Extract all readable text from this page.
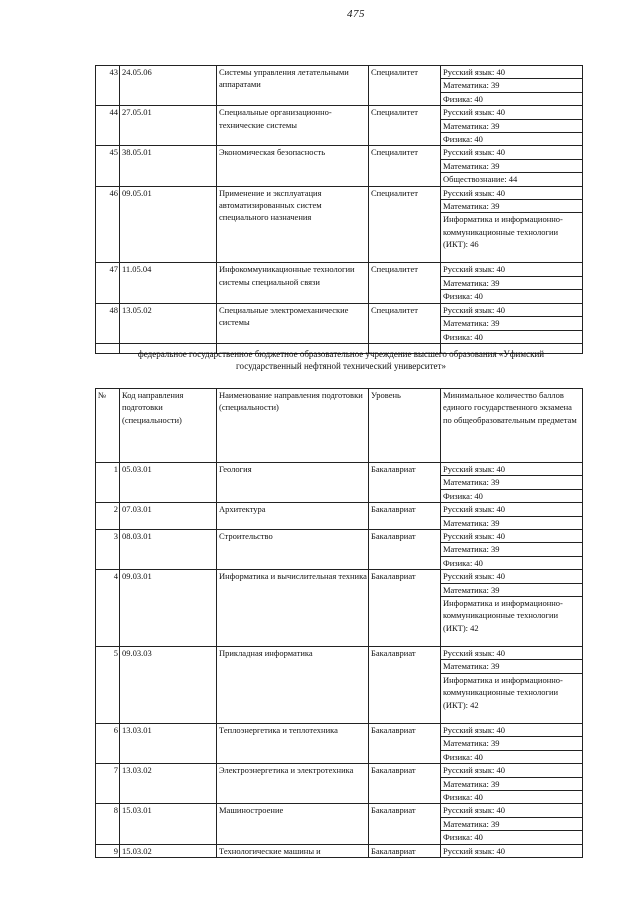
475
43	24.05.06	Системы управления летательными аппаратами	Специалитет	Русский язык: 40
				Математика: 39
				Физика: 40
44	27.05.01	Специальные организационно-технические системы	Специалитет	Русский язык: 40
				Математика: 39
				Физика: 40
45	38.05.01	Экономическая безопасность	Специалитет	Русский язык: 40
				Математика: 39
				Обществознание: 44
46	09.05.01	Применение и эксплуатация автоматизированных систем специального назначения	Специалитет	Русский язык: 40
				Математика: 39
				Информатика и информационно-коммуникационные технологии (ИКТ): 46
47	11.05.04	Инфокоммуникационные технологии системы специальной связи	Специалитет	Русский язык: 40
				Математика: 39
				Физика: 40
48	13.05.02	Специальные электромеханические системы	Специалитет	Русский язык: 40
				Математика: 39
				Физика: 40

федеральное государственное бюджетное образовательное учреждение высшего образования «Уфимский государственный нефтяной технический университет»
№	Код направления подготовки (специальности)	Наименование направления подготовки (специальности)	Уровень	Минимальное количество баллов единого государственного экзамена по общеобразовательным предметам
1	05.03.01	Геология	Бакалавриат	Русский язык: 40
				Математика: 39
				Физика: 40
2	07.03.01	Архитектура	Бакалавриат	Русский язык: 40
				Математика: 39
3	08.03.01	Строительство	Бакалавриат	Русский язык: 40
				Математика: 39
				Физика: 40
4	09.03.01	Информатика и вычислительная техника	Бакалавриат	Русский язык: 40
				Математика: 39
				Информатика и информационно-коммуникационные технологии (ИКТ): 42
5	09.03.03	Прикладная информатика	Бакалавриат	Русский язык: 40
				Математика: 39
				Информатика и информационно-коммуникационные технологии (ИКТ): 42
6	13.03.01	Теплоэнергетика и теплотехника	Бакалавриат	Русский язык: 40
				Математика: 39
				Физика: 40
7	13.03.02	Электроэнергетика и электротехника	Бакалавриат	Русский язык: 40
				Математика: 39
				Физика: 40
8	15.03.01	Машиностроение	Бакалавриат	Русский язык: 40
				Математика: 39
				Физика: 40
9	15.03.02	Технологические машины и	Бакалавриат	Русский язык: 40
